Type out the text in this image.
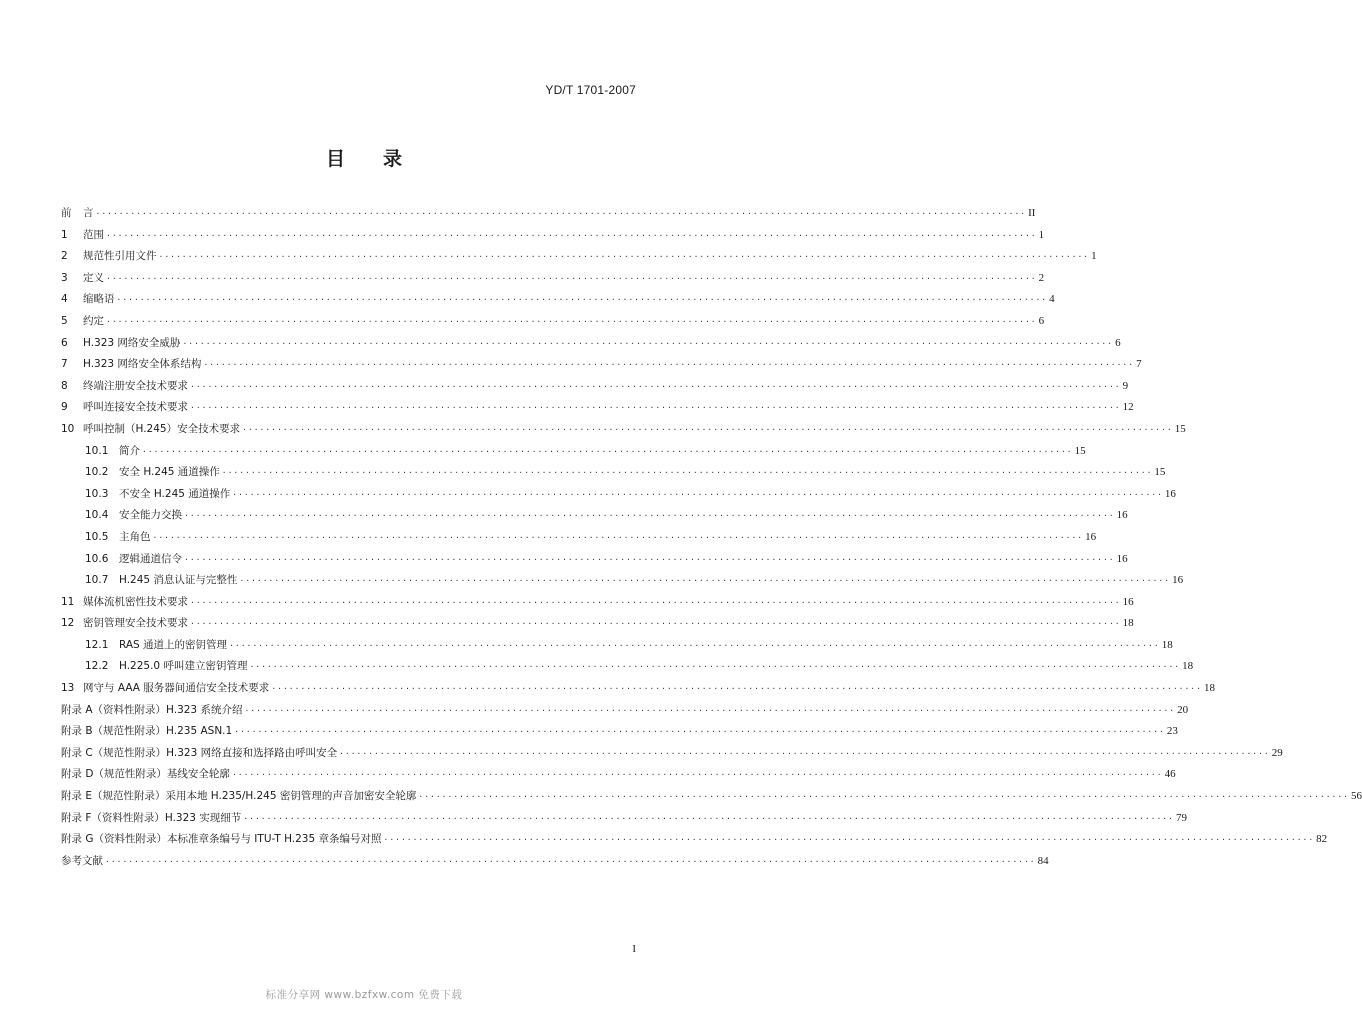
YD/T 1701-2007
目录
前	言 ································································································································································ II
1	范围 ································································································································································ 1
2	规范性引用文件 ································································································································································ 1
3	定义 ································································································································································ 2
4	缩略语 ································································································································································ 4
5	约定 ································································································································································ 6
6	H.323 网络安全威胁 ································································································································································ 6
7	H.323 网络安全体系结构 ································································································································································ 7
8	终端注册安全技术要求 ································································································································································ 9
9	呼叫连接安全技术要求 ································································································································································ 12
10 呼叫控制（H.245）安全技术要求 ································································································································································ 15
10.1	简介 ································································································································································ 15
10.2	安全 H.245 通道操作 ································································································································································ 15
10.3	不安全 H.245 通道操作 ································································································································································ 16
10.4	安全能力交换 ································································································································································ 16
10.5	主角色 ································································································································································ 16
10.6	逻辑通道信令 ································································································································································ 16
10.7	H.245 消息认证与完整性 ································································································································································ 16
11 媒体流机密性技术要求 ································································································································································ 16
12 密钥管理安全技术要求 ································································································································································ 18
12.1	RAS 通道上的密钥管理 ································································································································································ 18
12.2	H.225.0 呼叫建立密钥管理 ································································································································································ 18
13 网守与 AAA 服务器间通信安全技术要求 ································································································································································ 18
附录 A（资料性附录）H.323 系统介绍 ································································································································································ 20
附录 B（规范性附录）H.235 ASN.1 ································································································································································ 23
附录 C（规范性附录）H.323 网络直接和选择路由呼叫安全 ································································································································································ 29
附录 D（规范性附录）基线安全轮廓 ································································································································································ 46
附录 E（规范性附录）采用本地 H.235/H.245 密钥管理的声音加密安全轮廓 ································································································································································ 56
附录 F（资料性附录）H.323 实现细节 ································································································································································ 79
附录 G（资料性附录）本标准章条编号与 ITU-T H.235 章条编号对照 ································································································································································ 82
参考文献 ································································································································································ 84
I
标准分享网 www.bzfxw.com 免费下载
